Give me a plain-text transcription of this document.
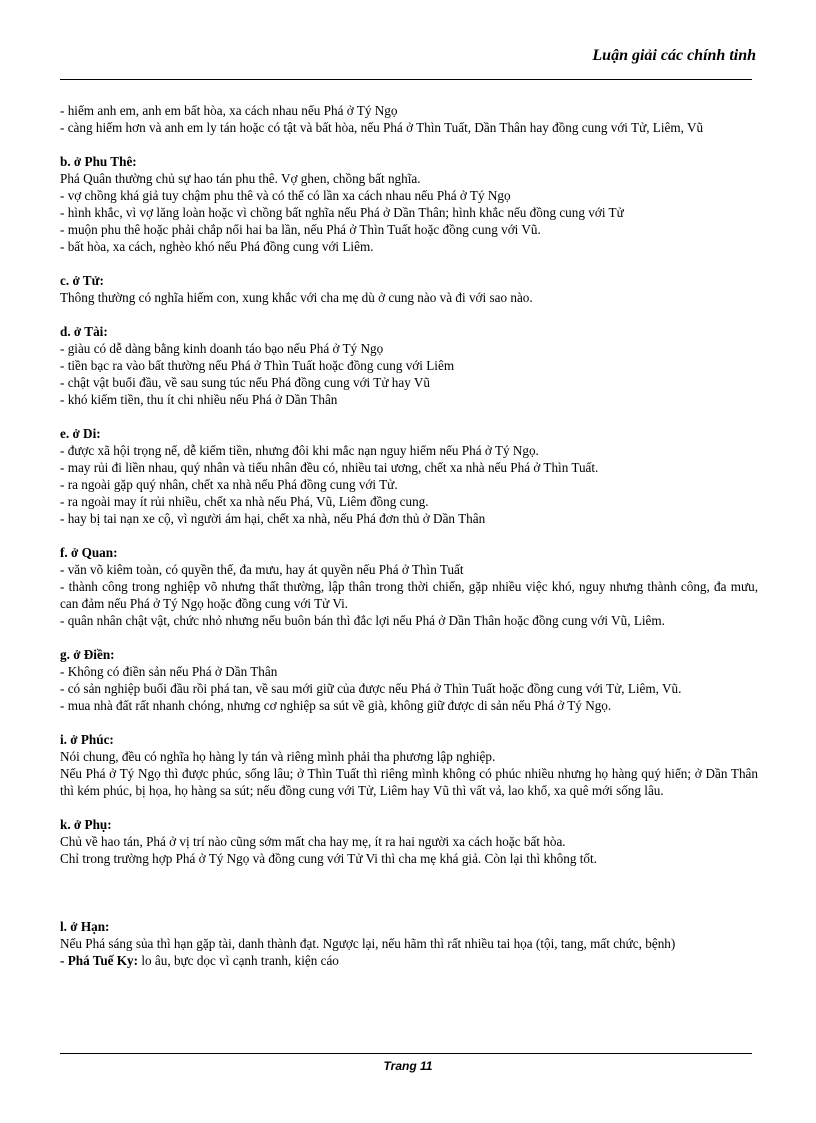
Luận giải các chính tinh
- hiếm anh em, anh em bất hòa, xa cách nhau nếu Phá ở Tý Ngọ
- càng hiếm hơn và anh em ly tán hoặc có tật và bất hòa, nếu Phá ở Thìn Tuất, Dần Thân hay đồng cung với Tử, Liêm, Vũ
b. ở Phu Thê:
Phá Quân thường chủ sự hao tán phu thê. Vợ ghen, chồng bất nghĩa.
- vợ chồng khá giả tuy chậm phu thê và có thể có lần xa cách nhau nếu Phá ở Tý Ngọ
- hình khắc, vì vợ lăng loàn hoặc vì chồng bất nghĩa nếu Phá ở Dần Thân; hình khắc nếu đồng cung với Tử
- muộn phu thê hoặc phải chắp nối hai ba lần, nếu Phá ở Thìn Tuất hoặc đồng cung với Vũ.
- bất hòa, xa cách, nghèo khó nếu Phá đồng cung với Liêm.
c. ở Tử:
Thông thường có nghĩa hiếm con, xung khắc với cha mẹ dù ở cung nào và đi với sao nào.
d. ở Tài:
- giàu có dễ dàng bằng kinh doanh táo bạo nếu Phá ở Tý Ngọ
- tiền bạc ra vào bất thường nếu Phá ở Thìn Tuất hoặc đồng cung với Liêm
- chật vật buổi đầu, về sau sung túc nếu Phá đồng cung với Tử hay Vũ
- khó kiếm tiền, thu ít chi nhiều nếu Phá ở Dần Thân
e. ở Di:
- được xã hội trọng nể, dễ kiếm tiền, nhưng đôi khi mắc nạn nguy hiểm nếu Phá ở Tý Ngọ.
- may rủi đi liền nhau, quý nhân và tiểu nhân đều có, nhiều tai ương, chết xa nhà nếu Phá ở Thìn Tuất.
- ra ngoài gặp quý nhân, chết xa nhà nếu Phá đồng cung với Tử.
- ra ngoài may ít rủi nhiều, chết xa nhà nếu Phá, Vũ, Liêm đồng cung.
- hay bị tai nạn xe cộ, vì người ám hại, chết xa nhà, nếu Phá đơn thủ ở Dần Thân
f. ở Quan:
- văn võ kiêm toàn, có quyền thế, đa mưu, hay át quyền nếu Phá ở Thìn Tuất
- thành công trong nghiệp võ nhưng thất thường, lập thân trong thời chiến, gặp nhiều việc khó, nguy nhưng thành công, đa mưu, can đảm nếu Phá ở Tý Ngọ hoặc đồng cung với Tử Vi.
- quân nhân chật vật, chức nhỏ nhưng nếu buôn bán thì đắc lợi nếu Phá ở Dần Thân hoặc đồng cung với Vũ, Liêm.
g. ở Điền:
- Không có điền sản nếu Phá ở Dần Thân
- có sản nghiệp buổi đầu rồi phá tan, về sau mới giữ của được nếu Phá ở Thìn Tuất hoặc đồng cung với Tử, Liêm, Vũ.
- mua nhà đất rất nhanh chóng, nhưng cơ nghiệp sa sút về già, không giữ được di sản nếu Phá ở Tý Ngọ.
i. ở Phúc:
Nói chung, đều có nghĩa họ hàng ly tán và riêng mình phải tha phương lập nghiệp.
Nếu Phá ở Tý Ngọ thì được phúc, sống lâu; ở Thìn Tuất thì riêng mình không có phúc nhiều nhưng họ hàng quý hiển; ở Dần Thân thì kém phúc, bị họa, họ hàng sa sút; nếu đồng cung với Tử, Liêm hay Vũ thì vất vả, lao khổ, xa quê mới sống lâu.
k. ở Phụ:
Chủ về hao tán, Phá ở vị trí nào cũng sớm mất cha hay mẹ, ít ra hai người xa cách hoặc bất hòa.
Chỉ trong trường hợp Phá ở Tý Ngọ và đồng cung với Tử Vi thì cha mẹ khá giả. Còn lại thì không tốt.
l. ở Hạn:
Nếu Phá sáng sủa thì hạn gặp tài, danh thành đạt. Ngược lại, nếu hãm thì rất nhiều tai họa (tội, tang, mất chức, bệnh)
- Phá Tuế Ky: lo âu, bực dọc vì cạnh tranh, kiện cáo
Trang 11
